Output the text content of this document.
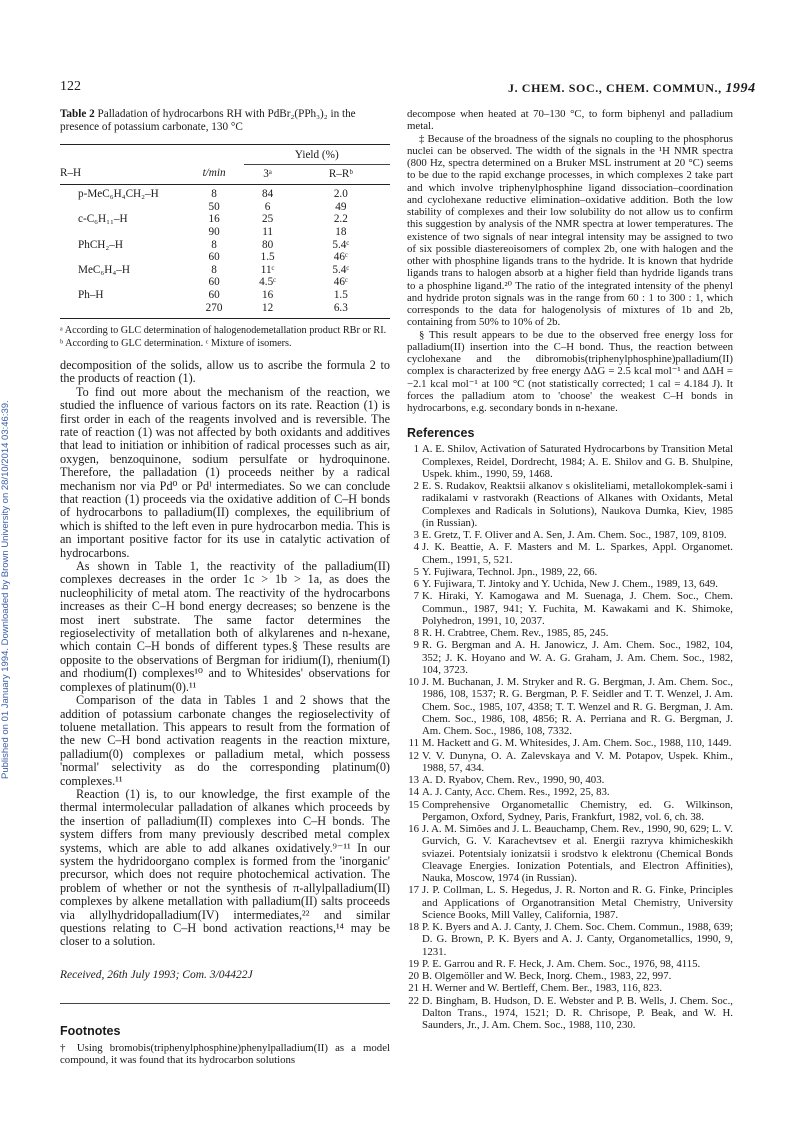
Published on 01 January 1994. Downloaded by Brown University on 28/10/2014 03:46:39.
122	J. CHEM. SOC., CHEM. COMMUN., 1994
Table 2 Palladation of hydrocarbons RH with PdBr₂(PPh₃)₂ in the presence of potassium carbonate, 130 °C

		Yield (%)	
R–H	t/min	3ᵃ	R–Rᵇ
p-MeC₆H₄CH₂–H	8	84	2.0
	50	6	49
c-C₆H₁₁–H	16	25	2.2
	90	11	18
PhCH₂–H	8	80	5.4ᶜ
	60	1.5	46ᶜ
MeC₆H₄–H	8	11ᶜ	5.4ᶜ
	60	4.5ᶜ	46ᶜ
Ph–H	60	16	1.5
	270	12	6.3
ᵃ According to GLC determination of halogenodemetallation product RBr or RI. ᵇ According to GLC determination. ᶜ Mixture of isomers.

decomposition of the solids, allow us to ascribe the formula 2 to the products of reaction (1).

To find out more about the mechanism of the reaction, we studied the influence of various factors on its rate. Reaction (1) is first order in each of the reagents involved and is reversible. The rate of reaction (1) was not affected by both oxidants and additives that lead to initiation or inhibition of radical processes such as air, oxygen, benzoquinone, sodium persulfate or hydroquinone. Therefore, the palladation (1) proceeds neither by a radical mechanism nor via Pd⁰ or Pdᴵ intermediates. So we can conclude that reaction (1) proceeds via the oxidative addition of C–H bonds of hydrocarbons to palladium(II) complexes, the equilibrium of which is shifted to the left even in pure hydrocarbon media. This is an important positive factor for its use in catalytic activation of hydrocarbons.

As shown in Table 1, the reactivity of the palladium(II) complexes decreases in the order 1c > 1b > 1a, as does the nucleophilicity of metal atom. The reactivity of the hydrocarbons increases as their C–H bond energy decreases; so benzene is the most inert substrate. The same factor determines the regioselectivity of metallation both of alkylarenes and n-hexane, which contain C–H bonds of different types.§ These results are opposite to the observations of Bergman for iridium(I), rhenium(I) and rhodium(I) complexes¹⁰ and to Whitesides' observations for complexes of platinum(0).¹¹

Comparison of the data in Tables 1 and 2 shows that the addition of potassium carbonate changes the regioselectivity of toluene metallation. This appears to result from the formation of the new C–H bond activation reagents in the reaction mixture, palladium(0) complexes or palladium metal, which possess 'normal' selectivity as do the corresponding platinum(0) complexes.¹¹

Reaction (1) is, to our knowledge, the first example of the thermal intermolecular palladation of alkanes which proceeds by the insertion of palladium(II) complexes into C–H bonds. The system differs from many previously described metal complex systems, which are able to add alkanes oxidatively.⁹⁻¹¹ In our system the hydridoorgano complex is formed from the 'inorganic' precursor, which does not require photochemical activation. The problem of whether or not the synthesis of π-allylpalladium(II) complexes by alkene metallation with palladium(II) salts proceeds via allylhydridopalladium(IV) intermediates,²² and similar questions relating to C–H bond activation reactions,¹⁴ may be closer to a solution.

Received, 26th July 1993; Com. 3/04422J
Footnotes
† Using bromobis(triphenylphosphine)phenylpalladium(II) as a model compound, it was found that its hydrocarbon solutions

decompose when heated at 70–130 °C, to form biphenyl and palladium metal.

‡ Because of the broadness of the signals no coupling to the phosphorus nuclei can be observed. The width of the signals in the ¹H NMR spectra (800 Hz, spectra determined on a Bruker MSL instrument at 20 °C) seems to be due to the rapid exchange processes, in which complexes 2 take part and which involve triphenylphosphine ligand dissociation–coordination and cyclohexane reductive elimination–oxidative addition. Both the low stability of complexes and their low solubility do not allow us to confirm this suggestion by analysis of the NMR spectra at lower temperatures. The existence of two signals of near integral intensity may be assigned to two of six possible diastereoisomers of complex 2b, one with halogen and the other with phosphine ligands trans to the hydride. It is known that hydride ligands trans to halogen absorb at a higher field than hydride ligands trans to a phosphine ligand.²⁰ The ratio of the integrated intensity of the phenyl and hydride proton signals was in the range from 60 : 1 to 300 : 1, which corresponds to the data for halogenolysis of mixtures of 1b and 2b, containing from 50% to 10% of 2b.

§ This result appears to be due to the observed free energy loss for palladium(II) insertion into the C–H bond. Thus, the reaction between cyclohexane and the dibromobis(triphenylphosphine)palladium(II) complex is characterized by free energy ΔΔG = 2.5 kcal mol⁻¹ and ΔΔH = −2.1 kcal mol⁻¹ at 100 °C (not statistically corrected; 1 cal = 4.184 J). It forces the palladium atom to 'choose' the weakest C–H bonds in hydrocarbons, e.g. secondary bonds in n-hexane.

References
1 A. E. Shilov, Activation of Saturated Hydrocarbons by Transition Metal Complexes, Reidel, Dordrecht, 1984; A. E. Shilov and G. B. Shulpine, Uspek. khim., 1990, 59, 1468.
2 E. S. Rudakov, Reaktsii alkanov s okisliteliami, metallokomplek-sami i radikalami v rastvorakh (Reactions of Alkanes with Oxidants, Metal Complexes and Radicals in Solutions), Naukova Dumka, Kiev, 1985 (in Russian).
3 E. Gretz, T. F. Oliver and A. Sen, J. Am. Chem. Soc., 1987, 109, 8109.
4 J. K. Beattie, A. F. Masters and M. L. Sparkes, Appl. Organomet. Chem., 1991, 5, 521.
5 Y. Fujiwara, Technol. Jpn., 1989, 22, 66.
6 Y. Fujiwara, T. Jintoky and Y. Uchida, New J. Chem., 1989, 13, 649.
7 K. Hiraki, Y. Kamogawa and M. Suenaga, J. Chem. Soc., Chem. Commun., 1987, 941; Y. Fuchita, M. Kawakami and K. Shimoke, Polyhedron, 1991, 10, 2037.
8 R. H. Crabtree, Chem. Rev., 1985, 85, 245.
9 R. G. Bergman and A. H. Janowicz, J. Am. Chem. Soc., 1982, 104, 352; J. K. Hoyano and W. A. G. Graham, J. Am. Chem. Soc., 1982, 104, 3723.
10 J. M. Buchanan, J. M. Stryker and R. G. Bergman, J. Am. Chem. Soc., 1986, 108, 1537; R. G. Bergman, P. F. Seidler and T. T. Wenzel, J. Am. Chem. Soc., 1985, 107, 4358; T. T. Wenzel and R. G. Bergman, J. Am. Chem. Soc., 1986, 108, 4856; R. A. Perriana and R. G. Bergman, J. Am. Chem. Soc., 1986, 108, 7332.
11 M. Hackett and G. M. Whitesides, J. Am. Chem. Soc., 1988, 110, 1449.
12 V. V. Dunyna, O. A. Zalevskaya and V. M. Potapov, Uspek. Khim., 1988, 57, 434.
13 A. D. Ryabov, Chem. Rev., 1990, 90, 403.
14 A. J. Canty, Acc. Chem. Res., 1992, 25, 83.
15 Comprehensive Organometallic Chemistry, ed. G. Wilkinson, Pergamon, Oxford, Sydney, Paris, Frankfurt, 1982, vol. 6, ch. 38.
16 J. A. M. Simões and J. L. Beauchamp, Chem. Rev., 1990, 90, 629; L. V. Gurvich, G. V. Karachevtsev et al. Energii razryva khimicheskikh sviazei. Potentsialy ionizatsii i srodstvo k elektronu (Chemical Bonds Cleavage Energies. Ionization Potentials, and Electron Affinities), Nauka, Moscow, 1974 (in Russian).
17 J. P. Collman, L. S. Hegedus, J. R. Norton and R. G. Finke, Principles and Applications of Organotransition Metal Chemistry, University Science Books, Mill Valley, California, 1987.
18 P. K. Byers and A. J. Canty, J. Chem. Soc. Chem. Commun., 1988, 639; D. G. Brown, P. K. Byers and A. J. Canty, Organometallics, 1990, 9, 1231.
19 P. E. Garrou and R. F. Heck, J. Am. Chem. Soc., 1976, 98, 4115.
20 B. Olgemöller and W. Beck, Inorg. Chem., 1983, 22, 997.
21 H. Werner and W. Bertleff, Chem. Ber., 1983, 116, 823.
22 D. Bingham, B. Hudson, D. E. Webster and P. B. Wells, J. Chem. Soc., Dalton Trans., 1974, 1521; D. R. Chrisope, P. Beak, and W. H. Saunders, Jr., J. Am. Chem. Soc., 1988, 110, 230.
